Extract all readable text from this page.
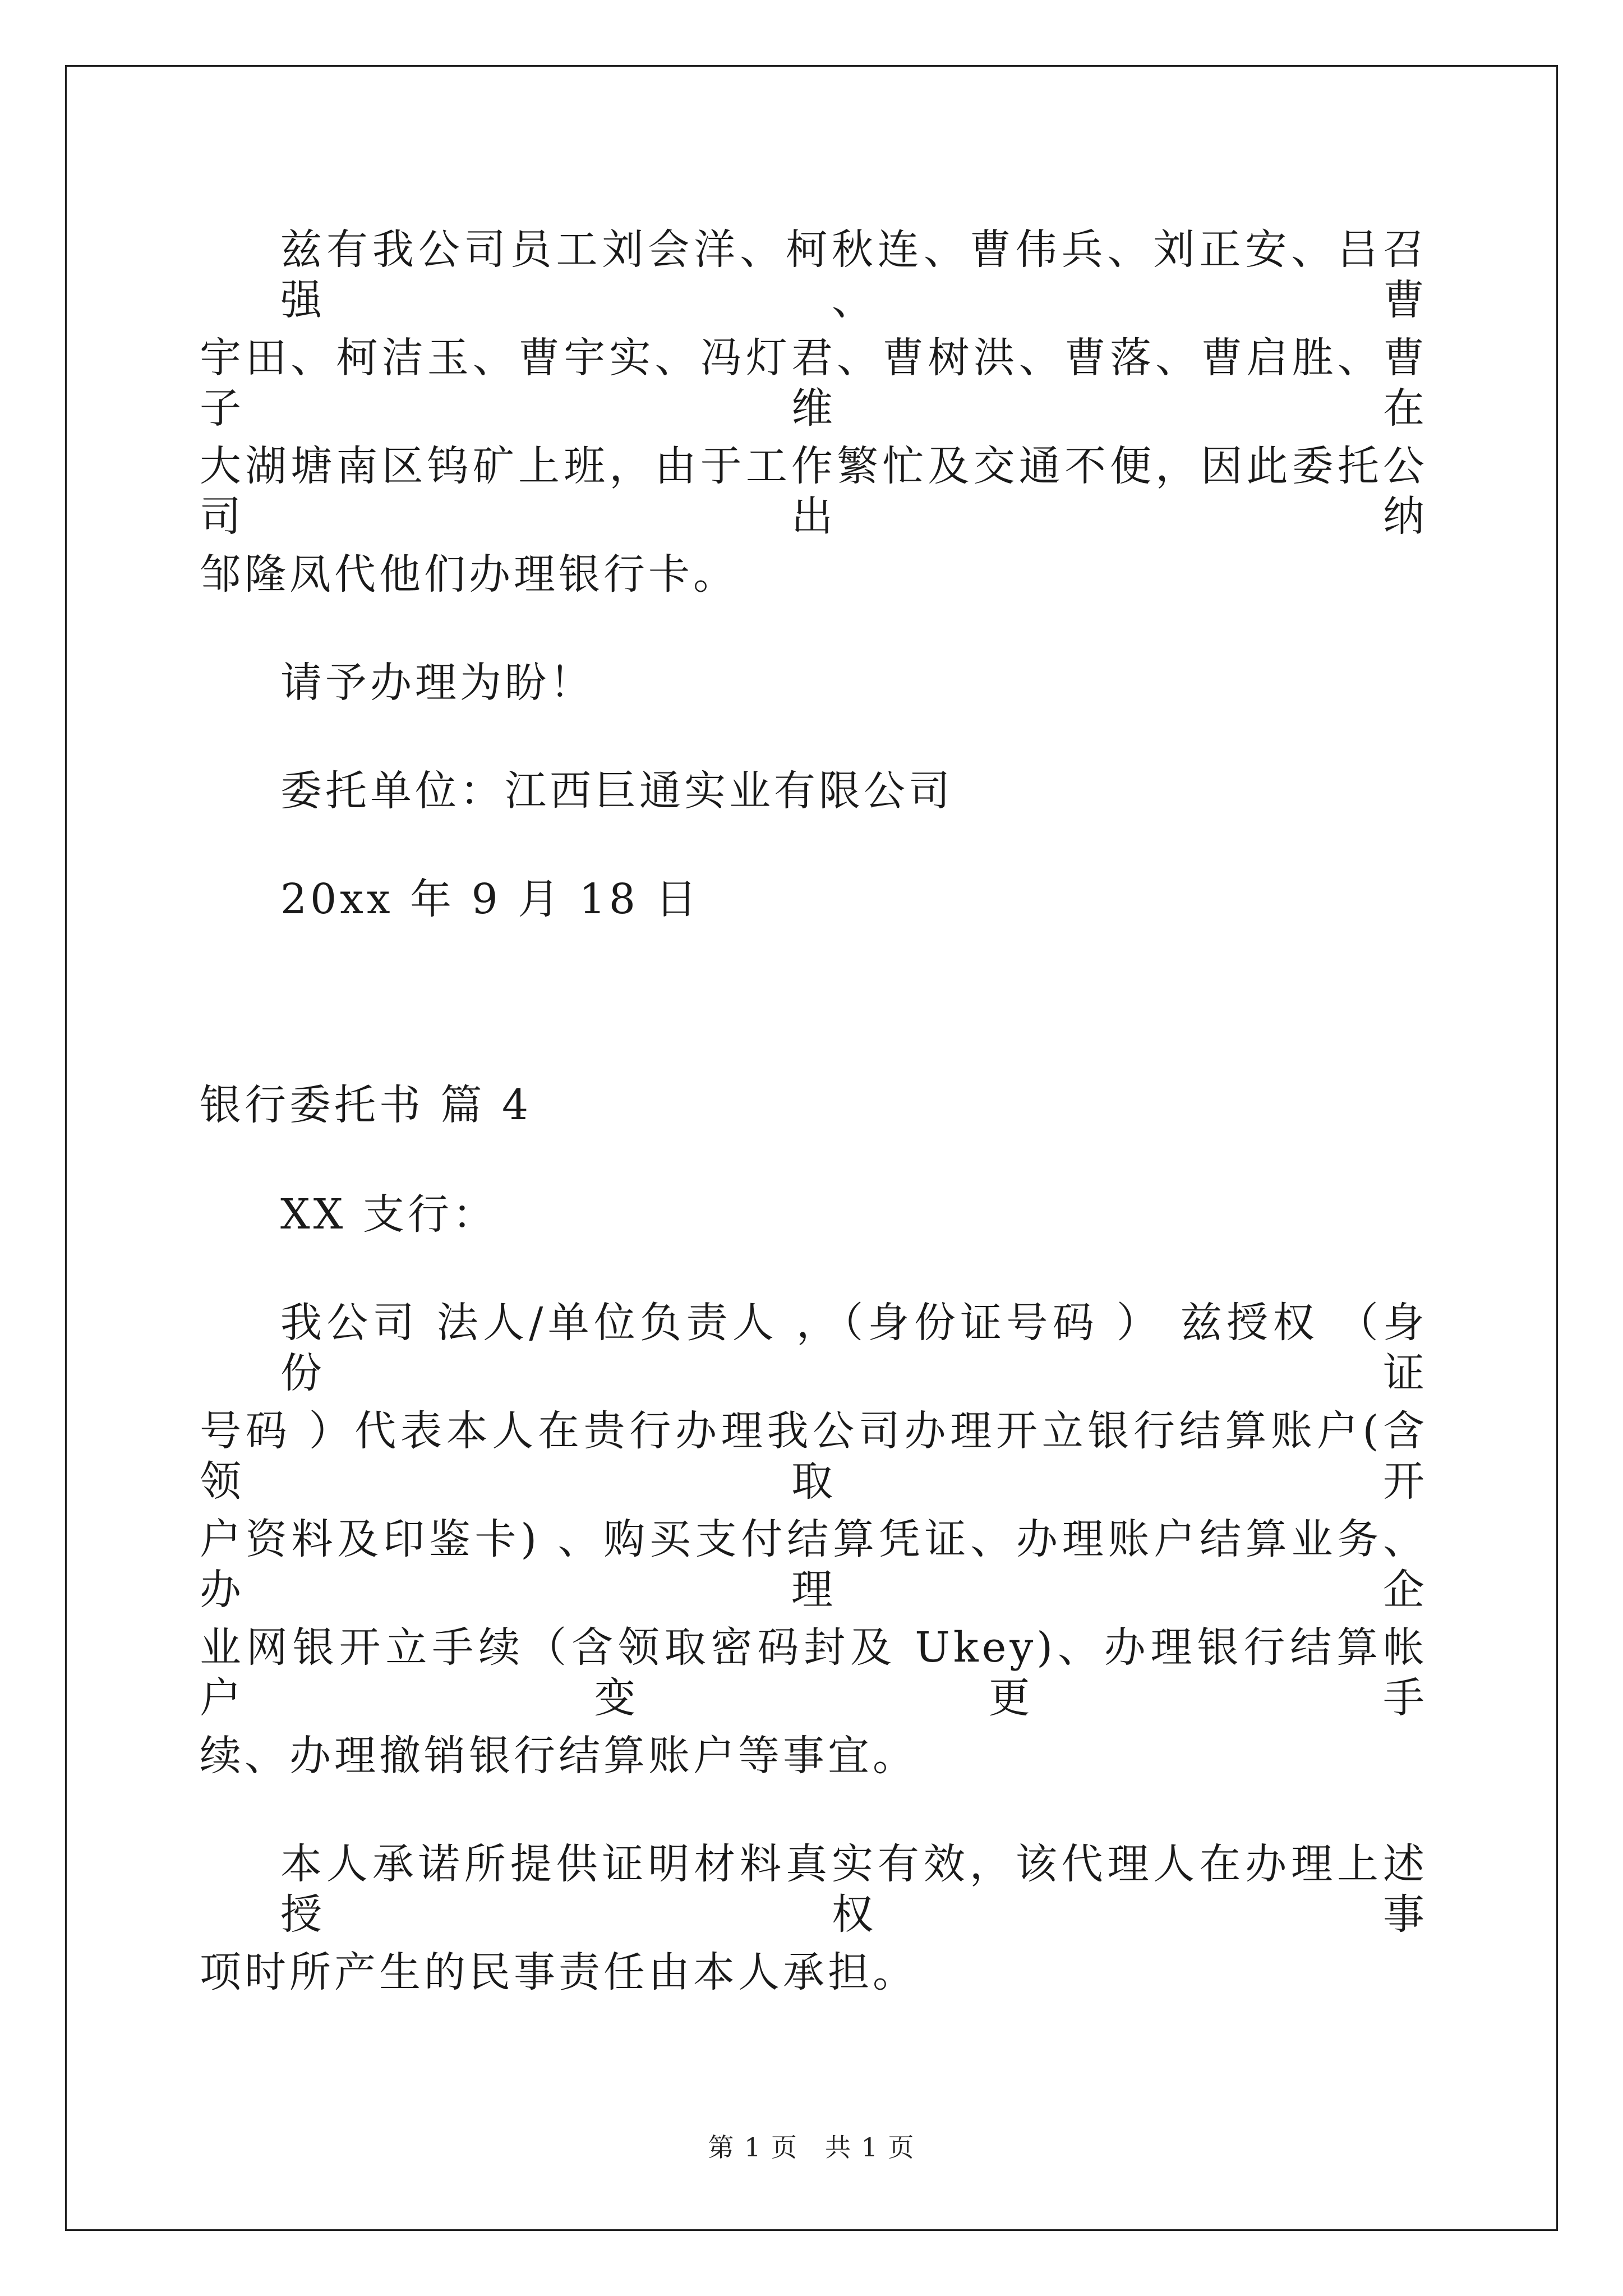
兹有我公司员工刘会洋、柯秋连、曹伟兵、刘正安、吕召强、曹
宇田、柯洁玉、曹宇实、冯灯君、曹树洪、曹落、曹启胜、曹子维在
大湖塘南区钨矿上班，由于工作繁忙及交通不便，因此委托公司出纳
邹隆凤代他们办理银行卡。
请予办理为盼！
委托单位：江西巨通实业有限公司
20xx 年 9 月 18 日
银行委托书 篇 4
XX 支行：
我公司 法人/单位负责人 ，（身份证号码 ） 兹授权 （身份证
号码 ）代表本人在贵行办理我公司办理开立银行结算账户(含领取开
户资料及印鉴卡) 、购买支付结算凭证、办理账户结算业务、办理企
业网银开立手续（含领取密码封及 Ukey)、办理银行结算帐户变更手
续、办理撤销银行结算账户等事宜。
本人承诺所提供证明材料真实有效，该代理人在办理上述授权事
项时所产生的民事责任由本人承担。
第 1 页　共 1 页
